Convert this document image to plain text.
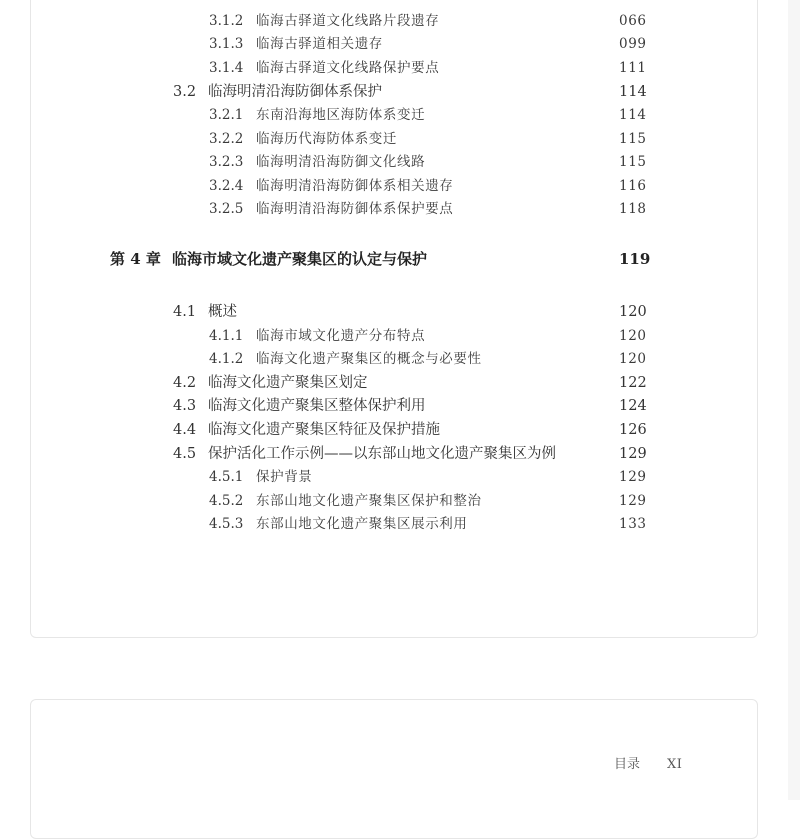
3.1.2 临海古驿道文化线路片段遗存	066
3.1.3 临海古驿道相关遗存	099
3.1.4 临海古驿道文化线路保护要点	111
3.2 临海明清沿海防御体系保护	114
3.2.1 东南沿海地区海防体系变迁	114
3.2.2 临海历代海防体系变迁	115
3.2.3 临海明清沿海防御文化线路	115
3.2.4 临海明清沿海防御体系相关遗存	116
3.2.5 临海明清沿海防御体系保护要点	118
第 4 章 临海市域文化遗产聚集区的认定与保护	119
4.1 概述	120
4.1.1 临海市域文化遗产分布特点	120
4.1.2 临海文化遗产聚集区的概念与必要性	120
4.2 临海文化遗产聚集区划定	122
4.3 临海文化遗产聚集区整体保护利用	124
4.4 临海文化遗产聚集区特征及保护措施	126
4.5 保护活化工作示例——以东部山地文化遗产聚集区为例	129
4.5.1 保护背景	129
4.5.2 东部山地文化遗产聚集区保护和整治	129
4.5.3 东部山地文化遗产聚集区展示利用	133
目录 XI
